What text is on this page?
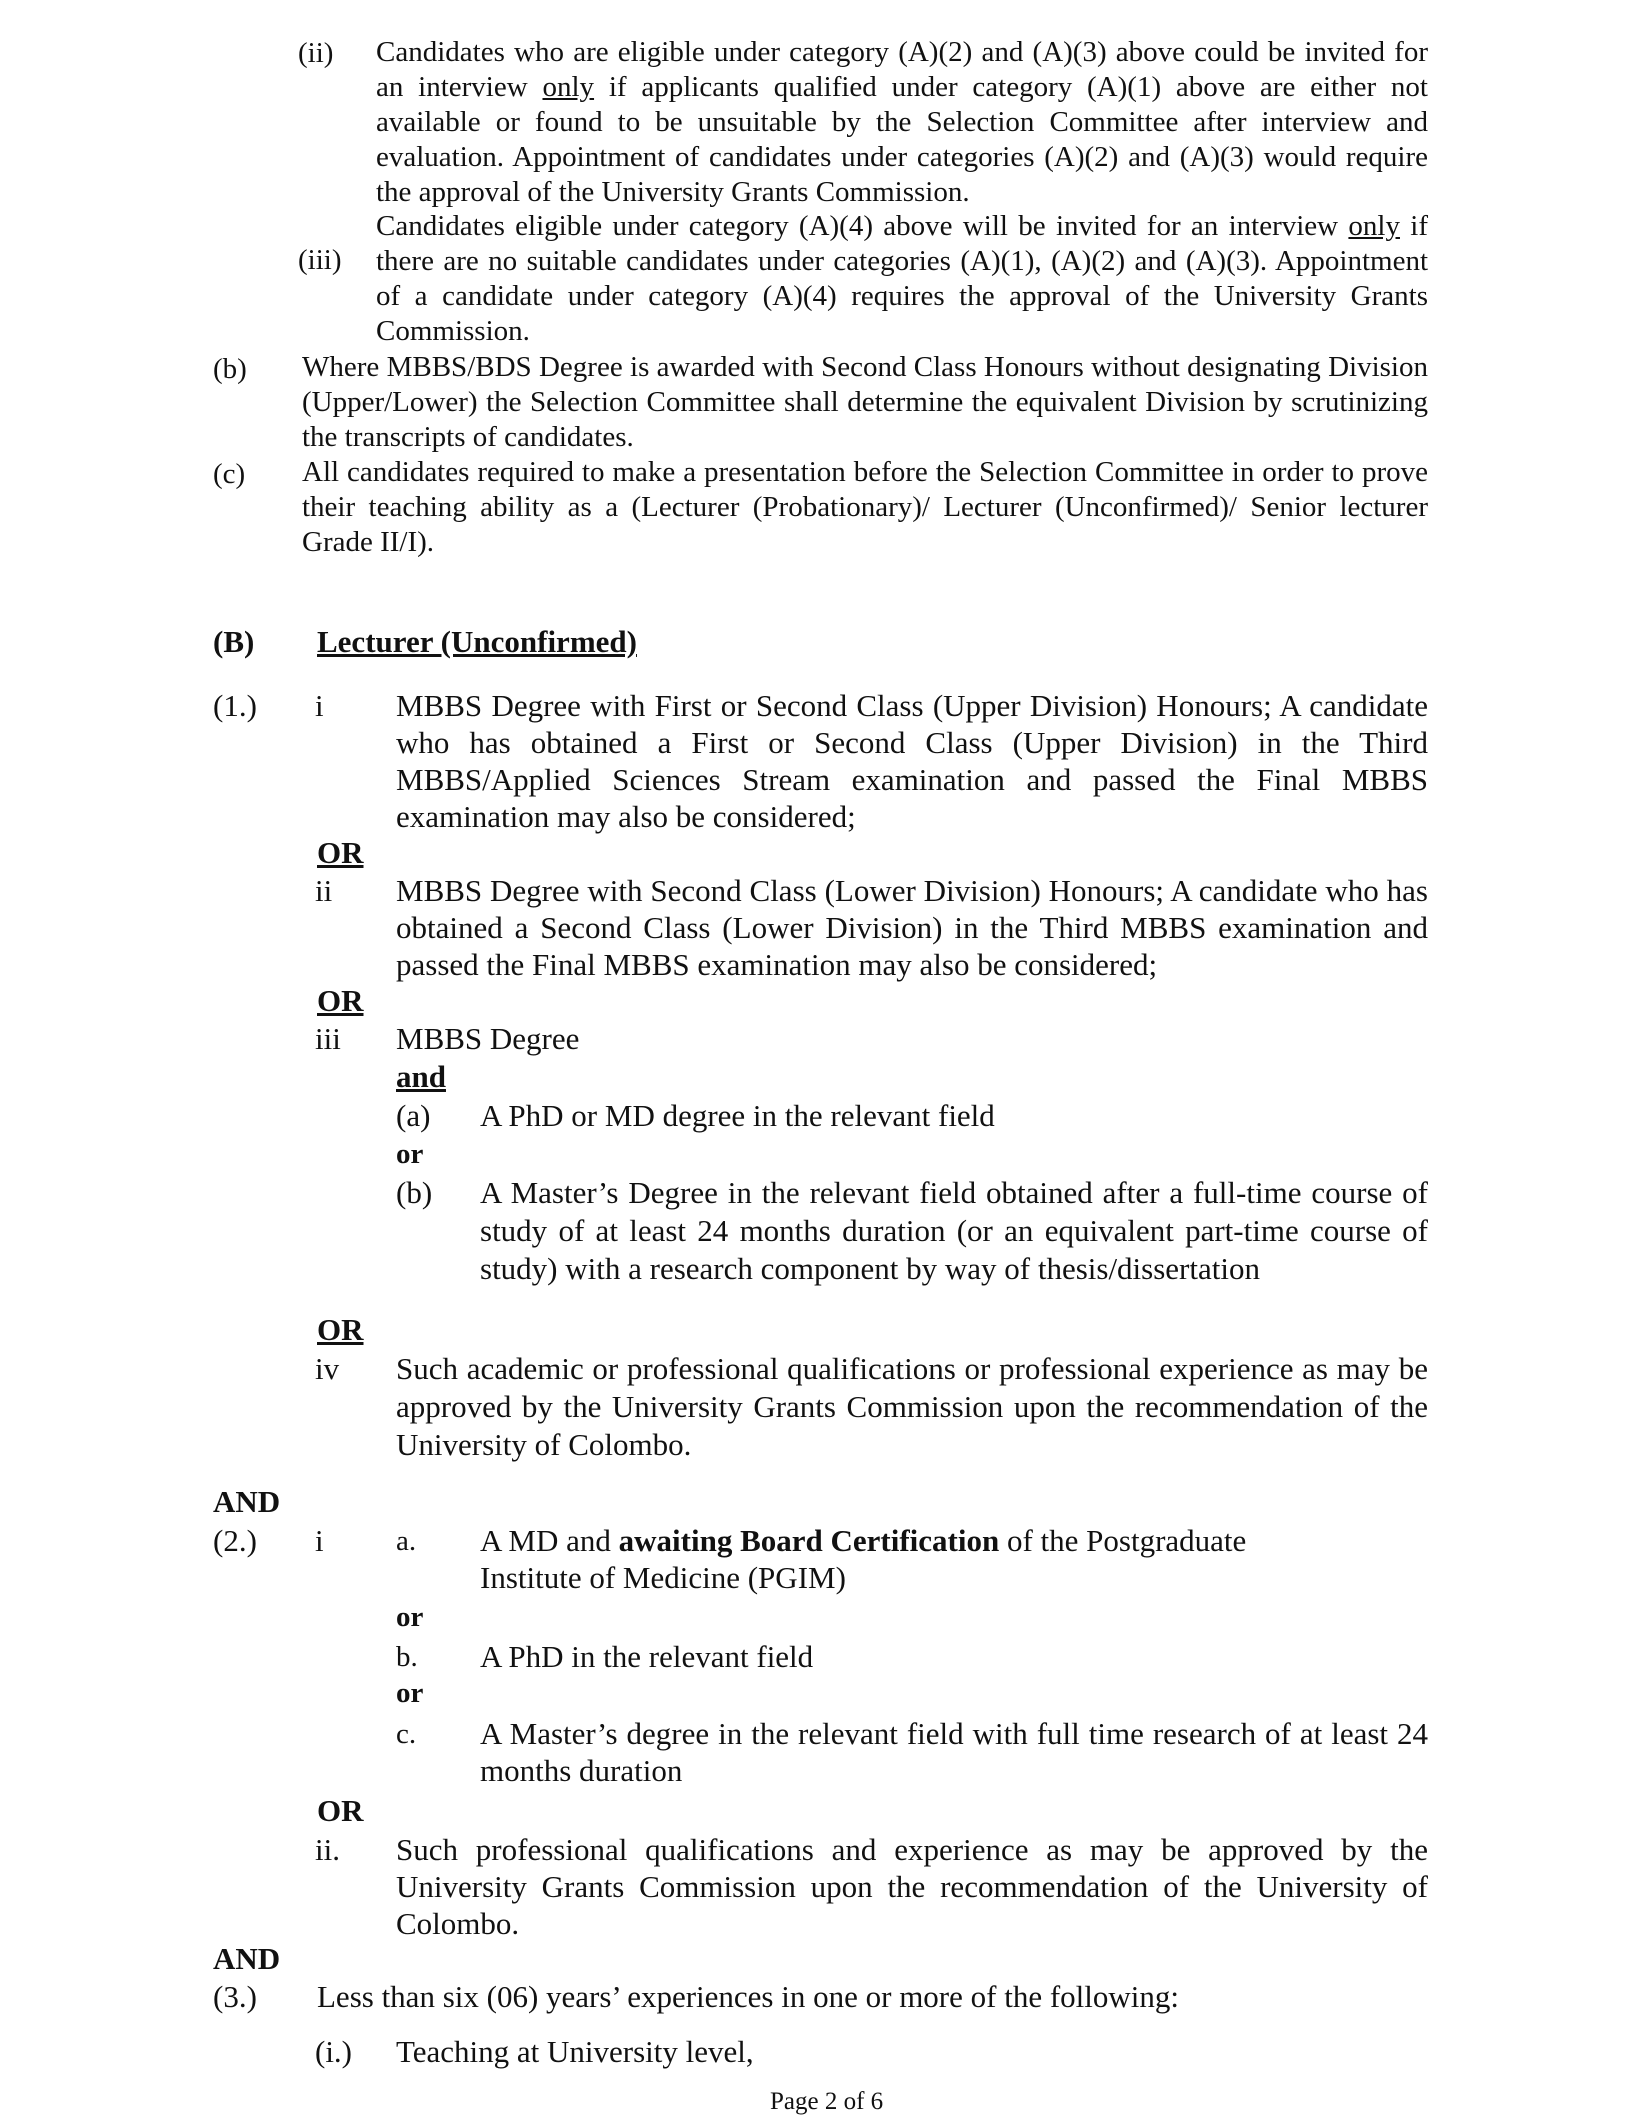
(ii) Candidates who are eligible under category (A)(2) and (A)(3) above could be invited for an interview only if applicants qualified under category (A)(1) above are either not available or found to be unsuitable by the Selection Committee after interview and evaluation. Appointment of candidates under categories (A)(2) and (A)(3) would require the approval of the University Grants Commission.
(iii)
Candidates eligible under category (A)(4) above will be invited for an interview only if there are no suitable candidates under categories (A)(1), (A)(2) and (A)(3). Appointment of a candidate under category (A)(4) requires the approval of the University Grants Commission.
(b) Where MBBS/BDS Degree is awarded with Second Class Honours without designating Division (Upper/Lower) the Selection Committee shall determine the equivalent Division by scrutinizing the transcripts of candidates.
(c) All candidates required to make a presentation before the Selection Committee in order to prove their teaching ability as a (Lecturer (Probationary)/ Lecturer (Unconfirmed)/ Senior lecturer Grade II/I).
(B) Lecturer (Unconfirmed)
(1.) i MBBS Degree with First or Second Class (Upper Division) Honours; A candidate who has obtained a First or Second Class (Upper Division) in the Third MBBS/Applied Sciences Stream examination and passed the Final MBBS examination may also be considered;
OR
ii MBBS Degree with Second Class (Lower Division) Honours; A candidate who has obtained a Second Class (Lower Division) in the Third MBBS examination and passed the Final MBBS examination may also be considered;
OR
iii MBBS Degree
and
(a) A PhD or MD degree in the relevant field
or
(b) A Master’s Degree in the relevant field obtained after a full-time course of study of at least 24 months duration (or an equivalent part-time course of study) with a research component by way of thesis/dissertation
OR
iv Such academic or professional qualifications or professional experience as may be approved by the University Grants Commission upon the recommendation of the University of Colombo.
AND
(2.) i a. A MD and awaiting Board Certification of the Postgraduate
Institute of Medicine (PGIM)
or
b. A PhD in the relevant field
or
c. A Master’s degree in the relevant field with full time research of at least 24 months duration
OR
ii. Such professional qualifications and experience as may be approved by the University Grants Commission upon the recommendation of the University of Colombo.
AND
(3.) Less than six (06) years’ experiences in one or more of the following:
(i.) Teaching at University level,
Page 2 of 6
